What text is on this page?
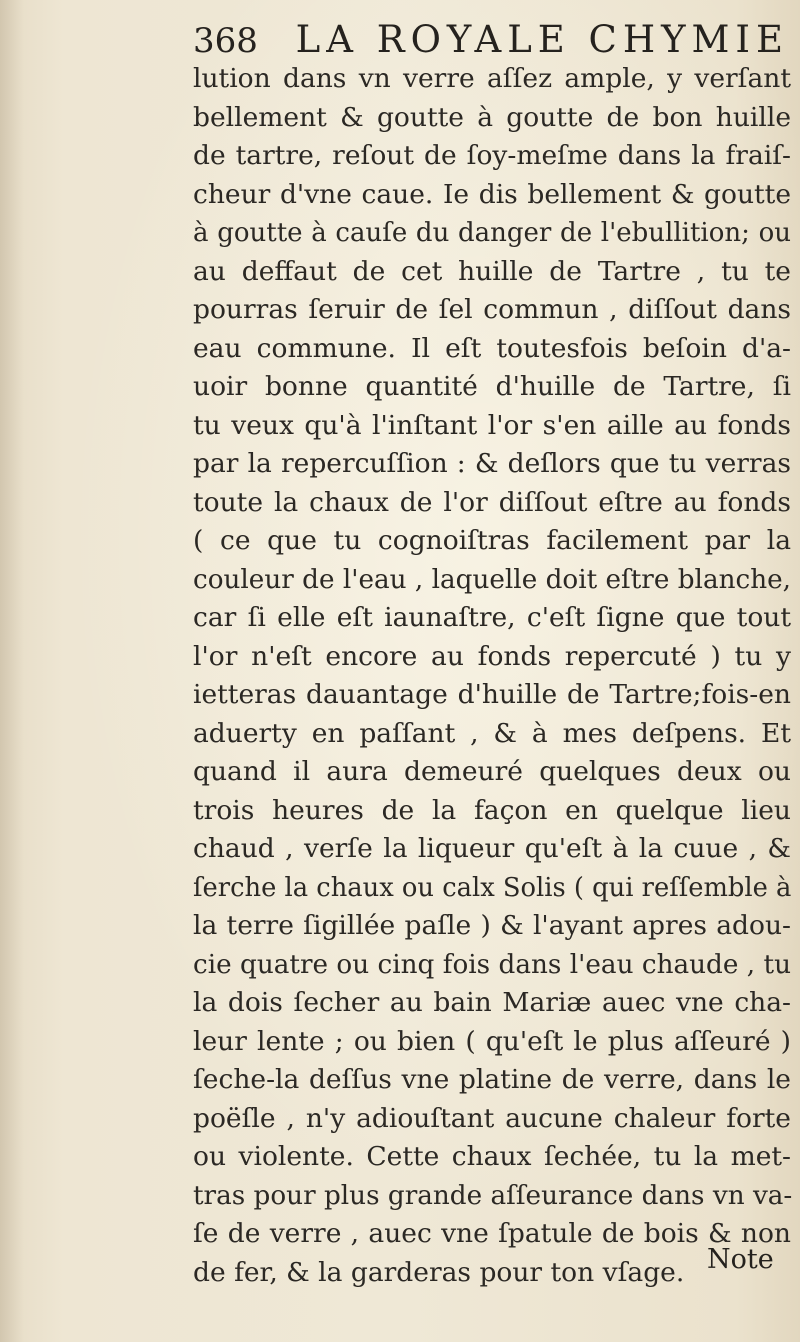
368 LA ROYALE CHYMIE
lution dans vn verre aſſez ample, y verſant
bellement & goutte à goutte de bon huille
de tartre, reſout de ſoy-meſme dans la fraiſ-
cheur d'vne caue. Ie dis bellement & goutte
à goutte à cauſe du danger de l'ebullition; ou
au deffaut de cet huille de Tartre , tu te
pourras ſeruir de ſel commun , diſſout dans
eau commune. Il eſt toutesfois beſoin d'a-
uoir bonne quantité d'huille de Tartre, ſi
tu veux qu'à l'inſtant l'or s'en aille au fonds
par la repercuſſion : & deſlors que tu verras
toute la chaux de l'or diſſout eſtre au fonds
( ce que tu cognoiſtras facilement par la
couleur de l'eau , laquelle doit eſtre blanche,
car ſi elle eſt iaunaſtre, c'eſt ſigne que tout
l'or n'eſt encore au fonds repercuté ) tu y
ietteras dauantage d'huille de Tartre;fois-en
aduerty en paſſant , & à mes deſpens. Et
quand il aura demeuré quelques deux ou
trois heures de la façon en quelque lieu
chaud , verſe la liqueur qu'eſt à la cuue , &
ſerche la chaux ou calx Solis ( qui reſſemble à
la terre ſigillée paſle ) & l'ayant apres adou-
cie quatre ou cinq fois dans l'eau chaude , tu
la dois ſecher au bain Mariæ auec vne cha-
leur lente ; ou bien ( qu'eſt le plus aſſeuré )
ſeche-la deſſus vne platine de verre, dans le
poëſle , n'y adiouſtant aucune chaleur forte
ou violente. Cette chaux ſechée, tu la met-
tras pour plus grande aſſeurance dans vn va-
ſe de verre , auec vne ſpatule de bois & non
de fer, & la garderas pour ton vſage. Note
